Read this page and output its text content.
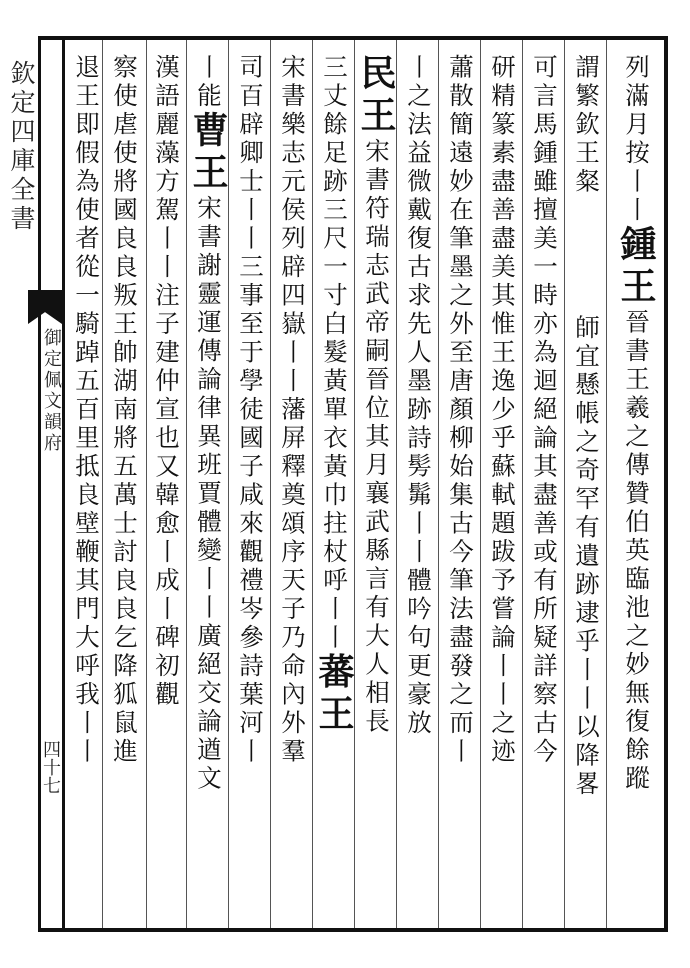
欽定四庫全書
御定佩文韻府
四十七
列滿月按丨丨鍾王晉書王羲之傳贊伯英臨池之妙無復餘蹤
謂繁欽王粲師宜懸帳之奇罕有遺跡逮乎丨丨以降畧
可言馬鍾雖擅美一時亦為迴絕論其盡善或有所疑詳察古今
研精篆素盡善盡美其惟王逸少乎蘇軾題跋予嘗論丨丨之迹
蕭散簡遠妙在筆墨之外至唐顏柳始集古今筆法盡發之而丨
丨之法益微戴復古求先人墨跡詩髣髴丨丨體吟句更豪放
民王宋書符瑞志武帝嗣晉位其月襄武縣言有大人相長
三丈餘足跡三尺一寸白髮黃單衣黃巾拄杖呼丨丨蕃王
宋書樂志元侯列辟四嶽丨丨藩屏釋奠頌序天子乃命內外羣
司百辟卿士丨丨三事至于學徒國子咸來觀禮岑參詩葉河丨
丨能曹王宋書謝靈運傳論律異班賈體變丨丨廣絕交論遒文
漢語麗藻方駕丨丨注子建仲宣也又韓愈丨成丨碑初觀
察使虐使將國良良叛王帥湖南將五萬士討良良乞降狐鼠進
退王即假為使者從一騎踔五百里抵良壁鞭其門大呼我丨丨
